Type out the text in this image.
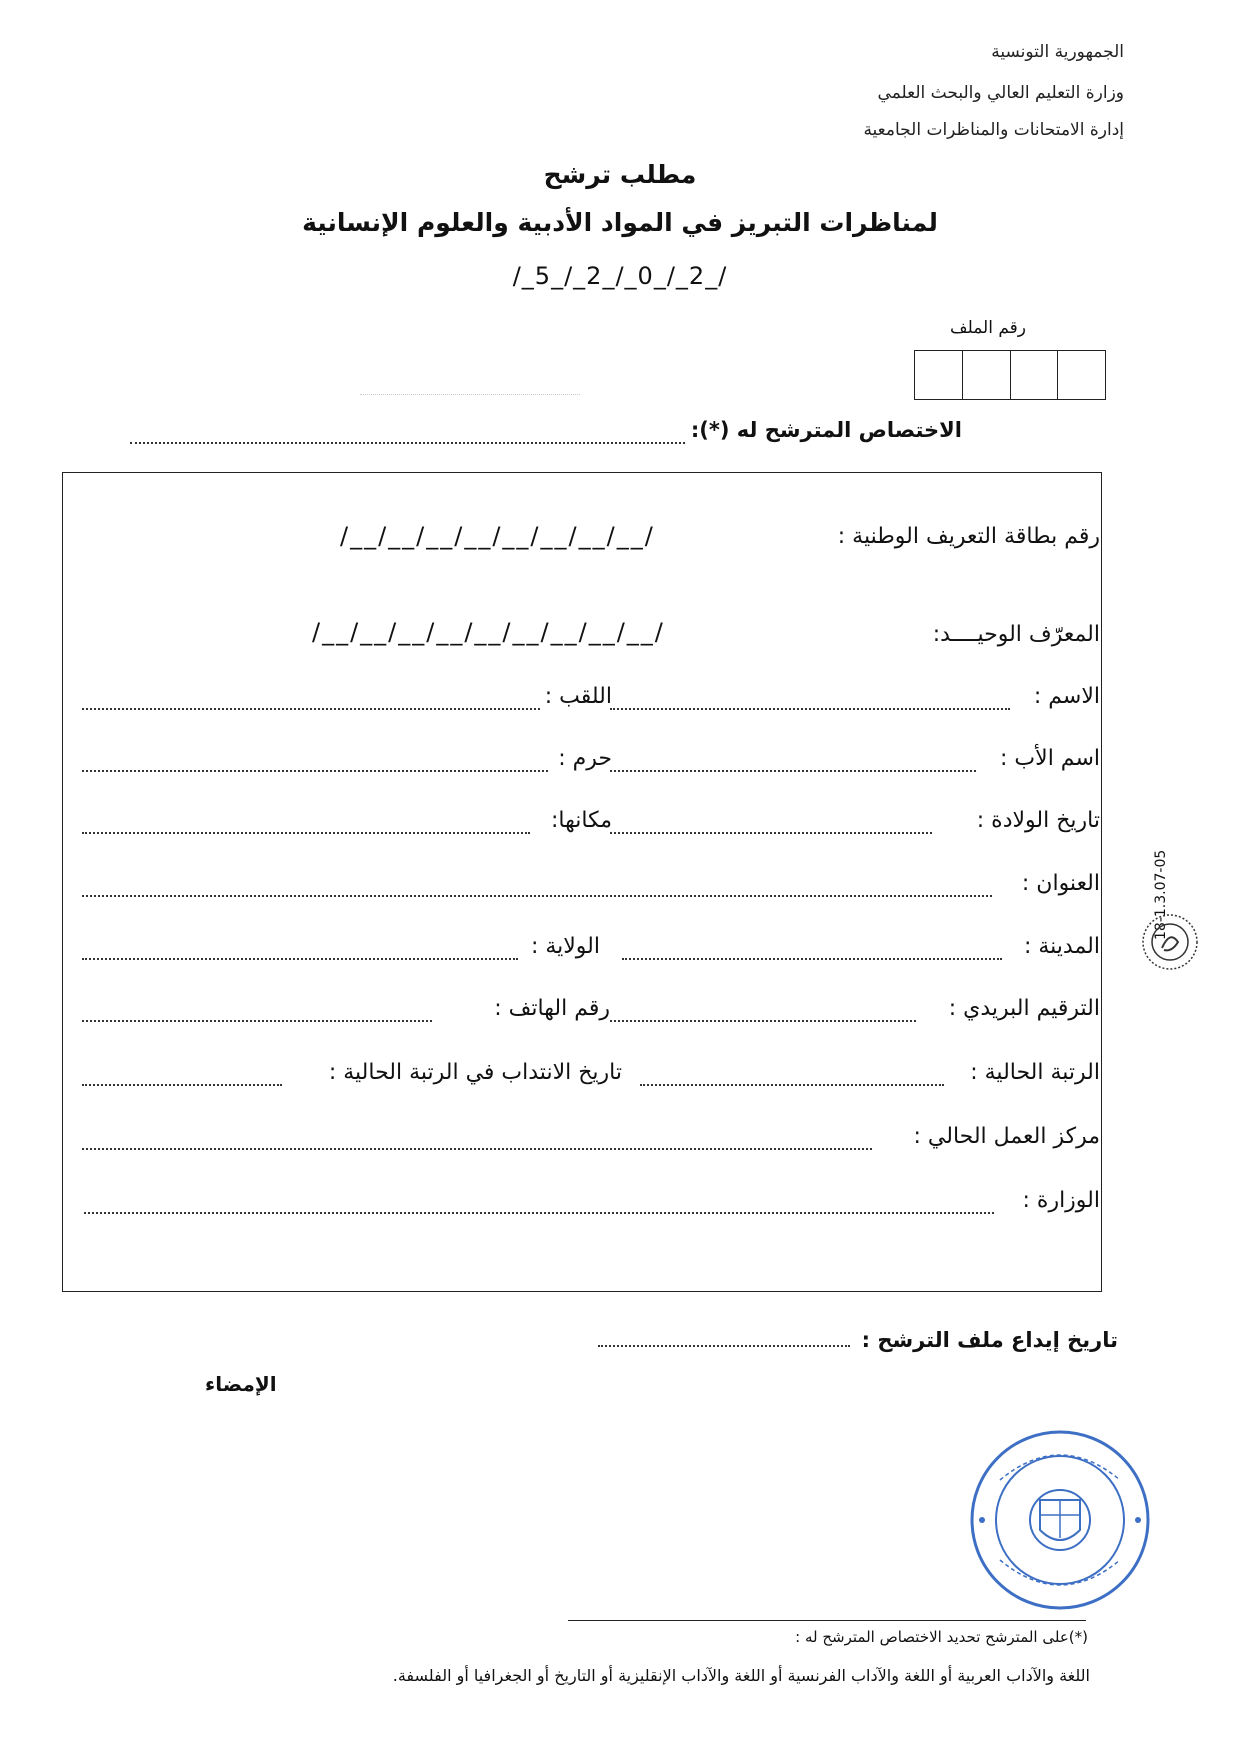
الجمهورية التونسية
وزارة التعليم العالي والبحث العلمي
إدارة الامتحانات والمناظرات الجامعية
مطلب ترشح
لمناظرات التبريز في المواد الأدبية والعلوم الإنسانية
/_2_/_0_/_2_/_5_/
رقم الملف
الاختصاص المترشح له (*):
رقم بطاقة التعريف الوطنية :
/__/__/__/__/__/__/__/__/
المعرّف الوحيــــد:
/__/__/__/__/__/__/__/__/__/
الاسم :
اللقب :
اسم الأب :
حرم :
تاريخ الولادة :
مكانها:
العنوان :
المدينة :
الولاية :
الترقيم البريدي :
رقم الهاتف :
الرتبة الحالية :
تاريخ الانتداب في الرتبة الحالية :
مركز العمل الحالي :
الوزارة :
تاريخ إيداع ملف الترشح :
الإمضاء
18-1.3.07-05
(*)على المترشح تحديد الاختصاص المترشح له :
اللغة والآداب العربية أو اللغة والآداب الفرنسية أو اللغة والآداب الإنقليزية أو التاريخ أو الجغرافيا أو الفلسفة.
